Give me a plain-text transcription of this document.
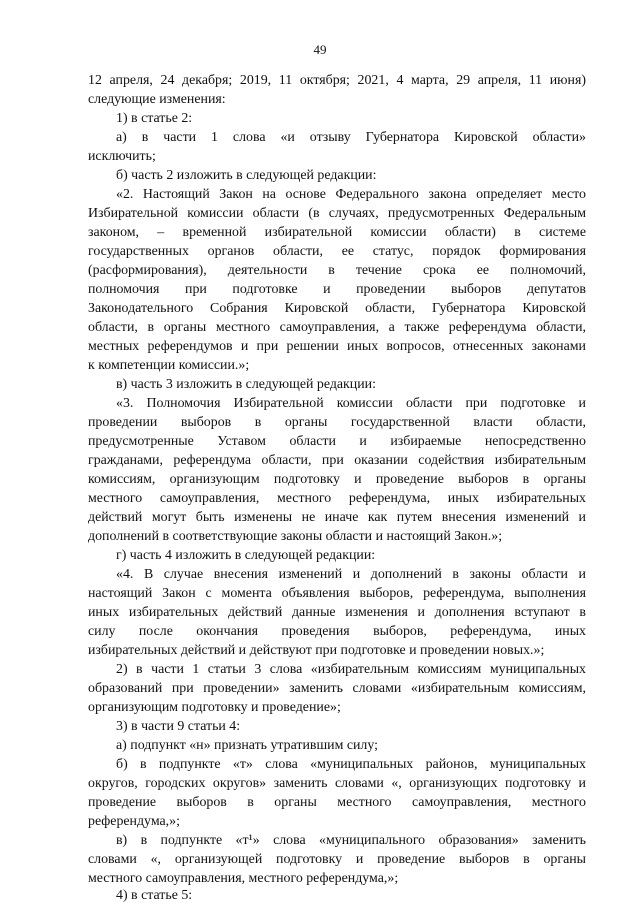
49
12 апреля, 24 декабря; 2019, 11 октября; 2021, 4 марта, 29 апреля, 11 июня)
следующие изменения:
1) в статье 2:
а) в части 1 слова «и отзыву Губернатора Кировской области»
исключить;
б) часть 2 изложить в следующей редакции:
«2. Настоящий Закон на основе Федерального закона определяет место
Избирательной комиссии области (в случаях, предусмотренных Федеральным
законом, – временной избирательной комиссии области) в системе
государственных органов области, ее статус, порядок формирования
(расформирования), деятельности в течение срока ее полномочий,
полномочия при подготовке и проведении выборов депутатов
Законодательного Собрания Кировской области, Губернатора Кировской
области, в органы местного самоуправления, а также референдума области,
местных референдумов и при решении иных вопросов, отнесенных законами
к компетенции комиссии.»;
в) часть 3 изложить в следующей редакции:
«3. Полномочия Избирательной комиссии области при подготовке и
проведении выборов в органы государственной власти области,
предусмотренные Уставом области и избираемые непосредственно
гражданами, референдума области, при оказании содействия избирательным
комиссиям, организующим подготовку и проведение выборов в органы
местного самоуправления, местного референдума, иных избирательных
действий могут быть изменены не иначе как путем внесения изменений и
дополнений в соответствующие законы области и настоящий Закон.»;
г) часть 4 изложить в следующей редакции:
«4. В случае внесения изменений и дополнений в законы области и
настоящий Закон с момента объявления выборов, референдума, выполнения
иных избирательных действий данные изменения и дополнения вступают в
силу после окончания проведения выборов, референдума, иных
избирательных действий и действуют при подготовке и проведении новых.»;
2) в части 1 статьи 3 слова «избирательным комиссиям муниципальных
образований при проведении» заменить словами «избирательным комиссиям,
организующим подготовку и проведение»;
3) в части 9 статьи 4:
а) подпункт «н» признать утратившим силу;
б) в подпункте «т» слова «муниципальных районов, муниципальных
округов, городских округов» заменить словами «, организующих подготовку и
проведение выборов в органы местного самоуправления, местного
референдума,»;
в) в подпункте «т¹» слова «муниципального образования» заменить
словами «, организующей подготовку и проведение выборов в органы
местного самоуправления, местного референдума,»;
4) в статье 5:
